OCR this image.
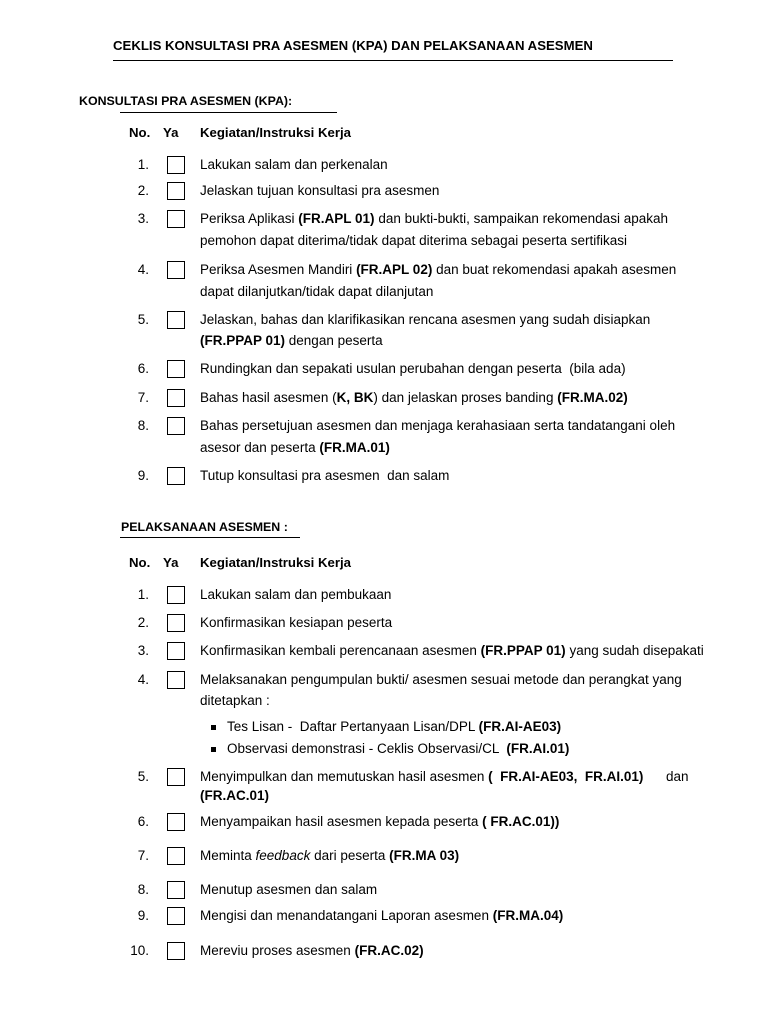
CEKLIS KONSULTASI PRA ASESMEN (KPA) DAN PELAKSANAAN ASESMEN
KONSULTASI PRA ASESMEN (KPA):
No. Ya Kegiatan/Instruksi Kerja
1.	Lakukan salam dan perkenalan
2.	Jelaskan tujuan konsultasi pra asesmen
3.	Periksa Aplikasi (FR.APL 01) dan bukti-bukti, sampaikan rekomendasi apakah
pemohon dapat diterima/tidak dapat diterima sebagai peserta sertifikasi
4.	Periksa Asesmen Mandiri (FR.APL 02) dan buat rekomendasi apakah asesmen
dapat dilanjutkan/tidak dapat dilanjutan
5.	Jelaskan, bahas dan klarifikasikan rencana asesmen yang sudah disiapkan
(FR.PPAP 01) dengan peserta
6.	Rundingkan dan sepakati usulan perubahan dengan peserta  (bila ada)
7.	Bahas hasil asesmen (K, BK) dan jelaskan proses banding (FR.MA.02)
8.	Bahas persetujuan asesmen dan menjaga kerahasiaan serta tandatangani oleh
asesor dan peserta (FR.MA.01)
9.	Tutup konsultasi pra asesmen  dan salam
PELAKSANAAN ASESMEN :
No. Ya Kegiatan/Instruksi Kerja
1.	Lakukan salam dan pembukaan
2.	Konfirmasikan kesiapan peserta
3.	Konfirmasikan kembali perencanaan asesmen (FR.PPAP 01) yang sudah disepakati
4.	Melaksanakan pengumpulan bukti/ asesmen sesuai metode dan perangkat yang
ditetapkan :
Tes Lisan -  Daftar Pertanyaan Lisan/DPL (FR.AI-AE03)
Observasi demonstrasi - Ceklis Observasi/CL  (FR.AI.01)
5.	Menyimpulkan dan memutuskan hasil asesmen (  FR.AI-AE03,  FR.AI.01) dan
(FR.AC.01)
6.	Menyampaikan hasil asesmen kepada peserta ( FR.AC.01))
7.	Meminta feedback dari peserta (FR.MA 03)
8.	Menutup asesmen dan salam
9.	Mengisi dan menandatangani Laporan asesmen (FR.MA.04)
10.	Mereviu proses asesmen (FR.AC.02)
